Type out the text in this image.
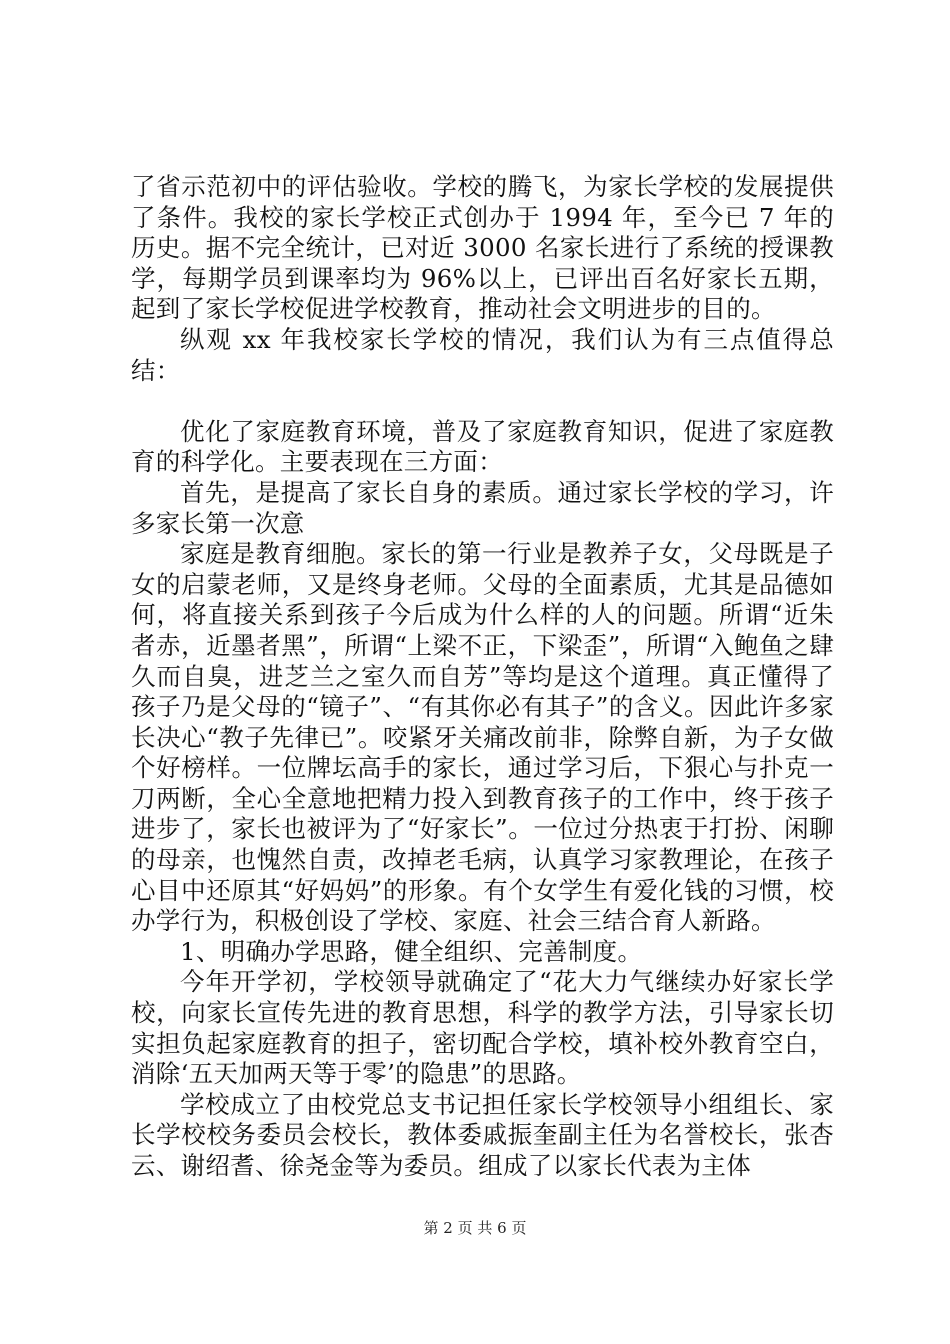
了省示范初中的评估验收。学校的腾飞，为家长学校的发展提供了条件。我校的家长学校正式创办于 1994 年，至今已 7 年的历史。据不完全统计，已对近 3000 名家长进行了系统的授课教学，每期学员到课率均为 96%以上，已评出百名好家长五期，起到了家长学校促进学校教育，推动社会文明进步的目的。

纵观 xx 年我校家长学校的情况，我们认为有三点值得总结：

优化了家庭教育环境，普及了家庭教育知识，促进了家庭教育的科学化。主要表现在三方面：

首先，是提高了家长自身的素质。通过家长学校的学习，许多家长第一次意

家庭是教育细胞。家长的第一行业是教养子女，父母既是子女的启蒙老师，又是终身老师。父母的全面素质，尤其是品德如何，将直接关系到孩子今后成为什么样的人的问题。所谓“近朱者赤，近墨者黑”，所谓“上梁不正，下梁歪”，所谓“入鲍鱼之肆久而自臭，进芝兰之室久而自芳”等均是这个道理。真正懂得了孩子乃是父母的“镜子”、“有其你必有其子”的含义。因此许多家长决心“教子先律已”。咬紧牙关痛改前非，除弊自新，为子女做个好榜样。一位牌坛高手的家长，通过学习后，下狠心与扑克一刀两断，全心全意地把精力投入到教育孩子的工作中，终于孩子进步了，家长也被评为了“好家长”。一位过分热衷于打扮、闲聊的母亲，也愧然自责，改掉老毛病，认真学习家教理论，在孩子心目中还原其“好妈妈”的形象。有个女学生有爱化钱的习惯，校办学行为，积极创设了学校、家庭、社会三结合育人新路。

1、明确办学思路，健全组织、完善制度。

今年开学初，学校领导就确定了“花大力气继续办好家长学校，向家长宣传先进的教育思想，科学的教学方法，引导家长切实担负起家庭教育的担子，密切配合学校，填补校外教育空白，消除‘五天加两天等于零’的隐患”的思路。

学校成立了由校党总支书记担任家长学校领导小组组长、家长学校校务委员会校长，教体委戚振奎副主任为名誉校长，张杏云、谢绍耆、徐尧金等为委员。组成了以家长代表为主体

第 2 页 共 6 页
